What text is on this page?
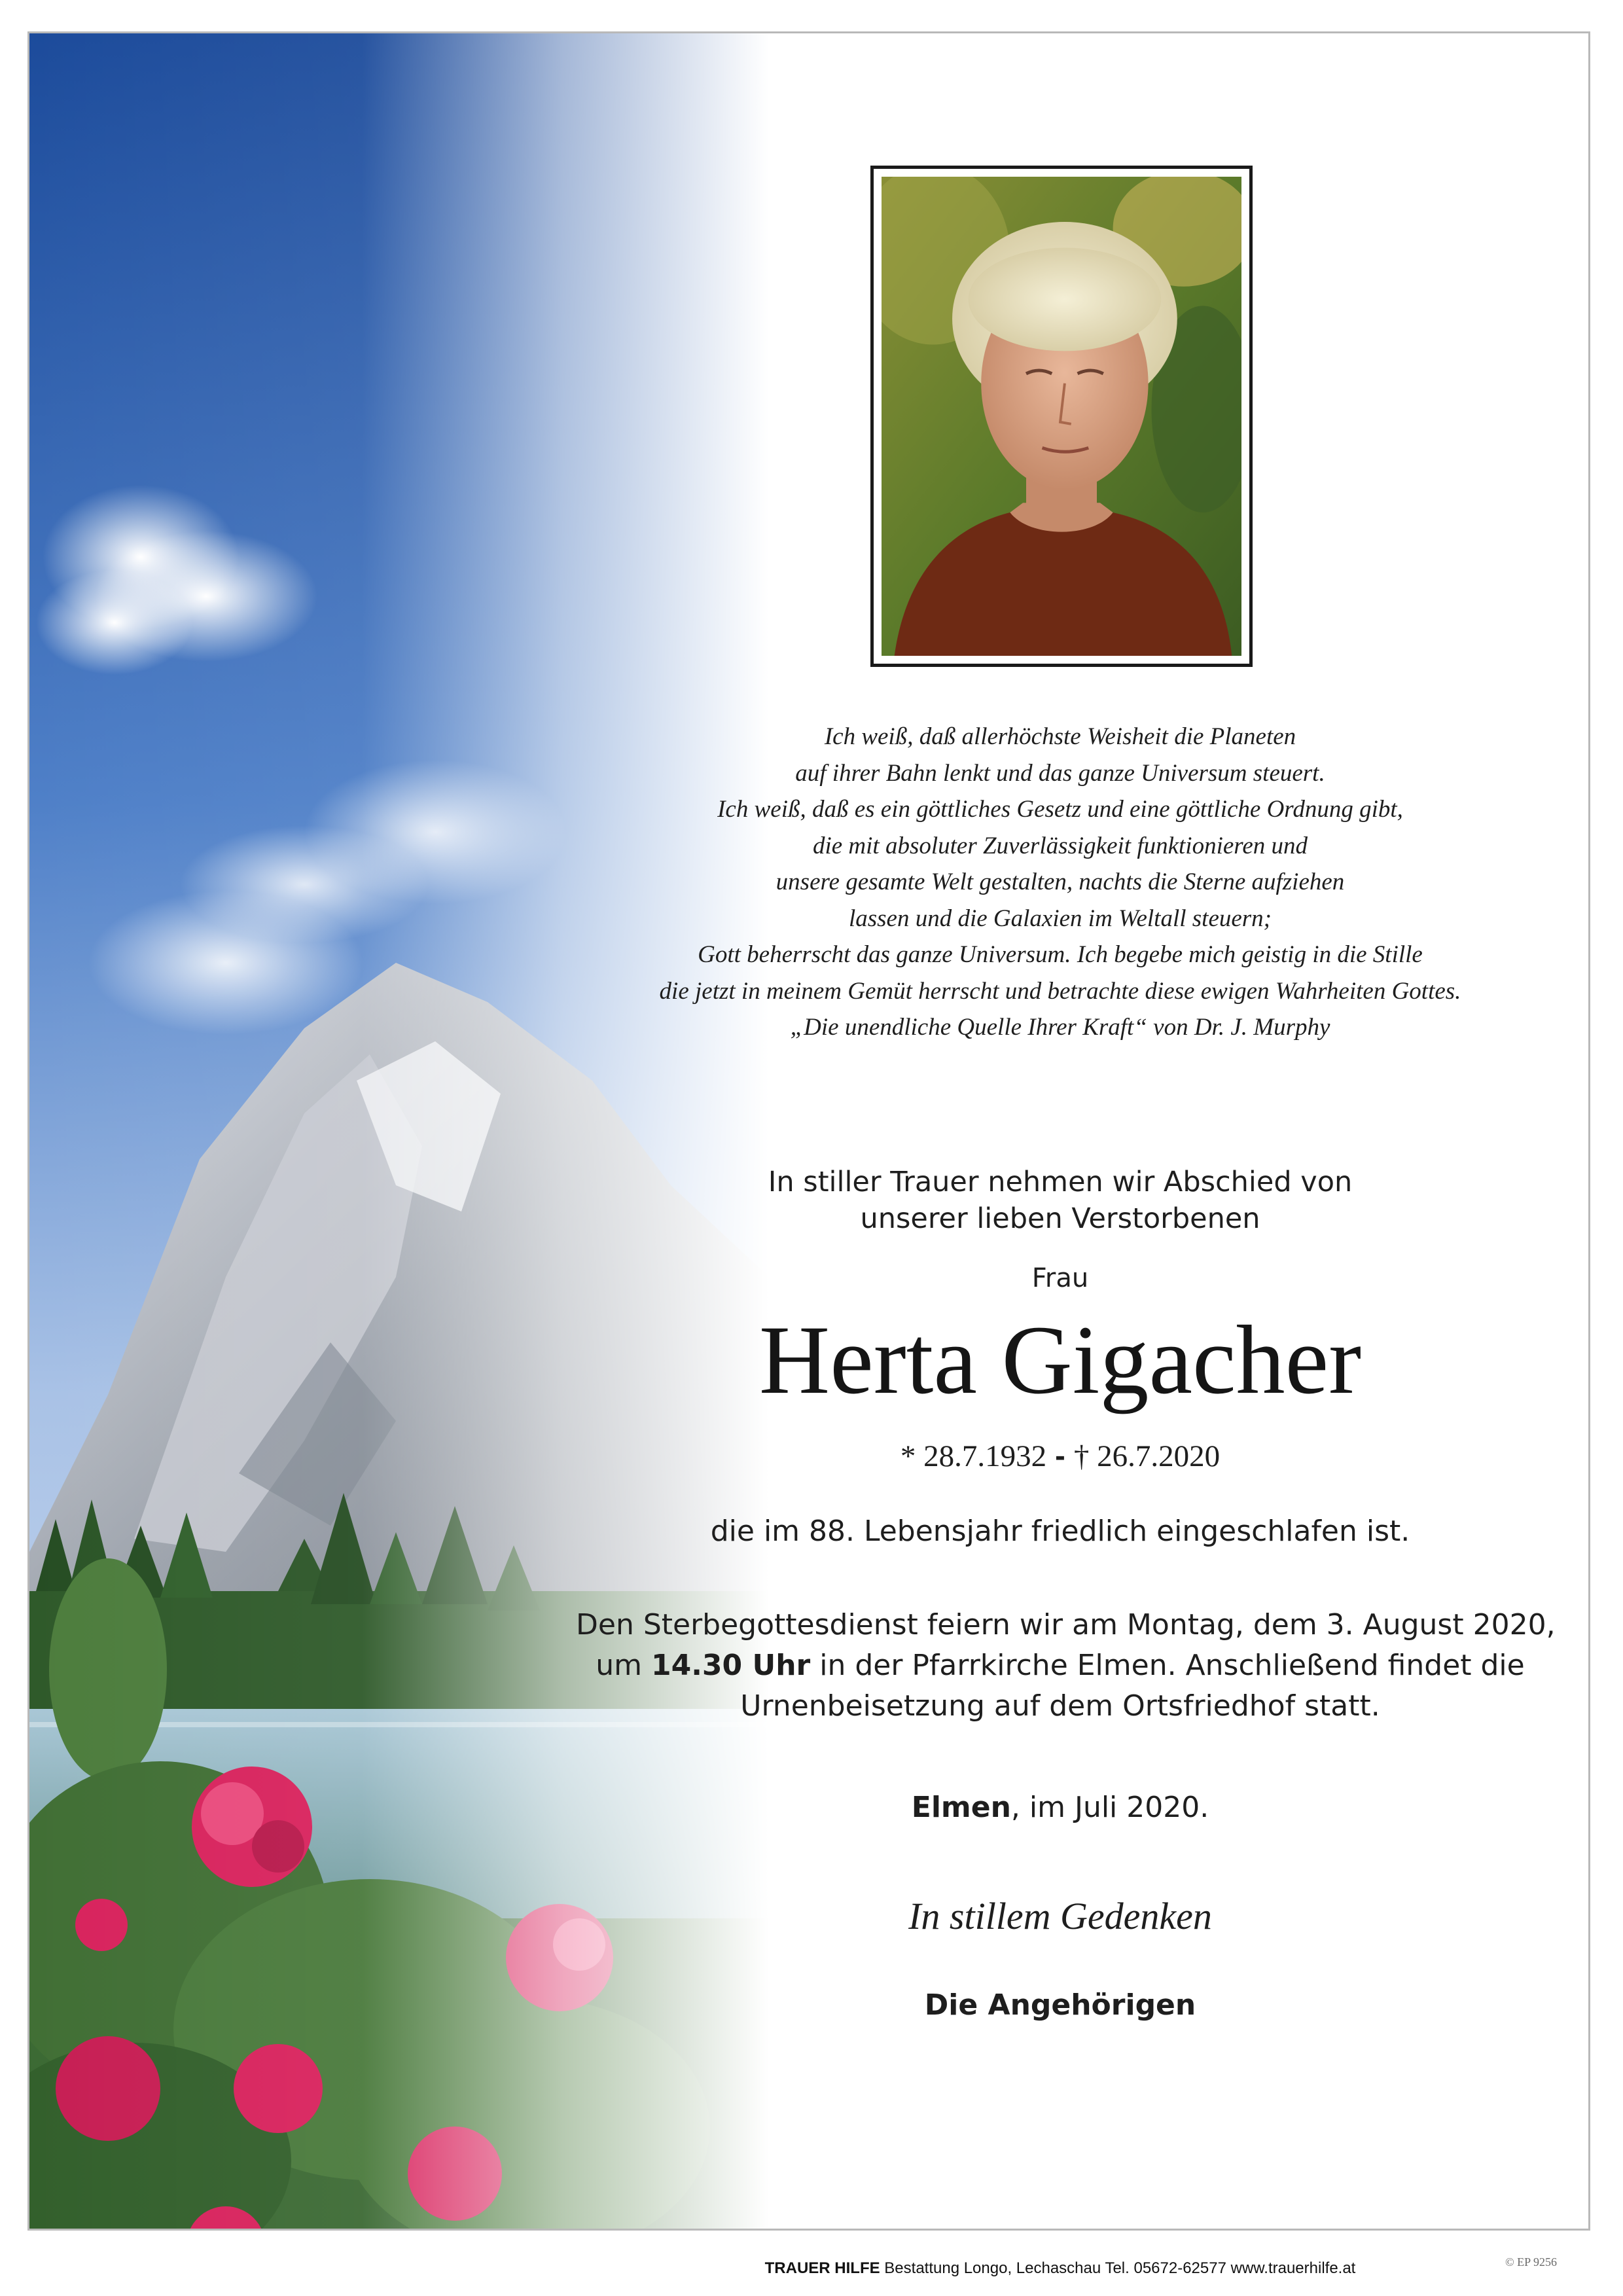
Ich weiß, daß allerhöchste Weisheit die Planeten
auf ihrer Bahn lenkt und das ganze Universum steuert.
Ich weiß, daß es ein göttliches Gesetz und eine göttliche Ordnung gibt,
die mit absoluter Zuverlässigkeit funktionieren und
unsere gesamte Welt gestalten, nachts die Sterne aufziehen
lassen und die Galaxien im Weltall steuern;
Gott beherrscht das ganze Universum. Ich begebe mich geistig in die Stille
die jetzt in meinem Gemüt herrscht und betrachte diese ewigen Wahrheiten Gottes.
„Die unendliche Quelle Ihrer Kraft“ von Dr. J. Murphy
In stiller Trauer nehmen wir Abschied von
unserer lieben Verstorbenen
Frau
Herta Gigacher
* 28.7.1932 - † 26.7.2020
die im 88. Lebensjahr friedlich eingeschlafen ist.
Den Sterbegottesdienst feiern wir am Montag, dem 3. August 2020,
um 14.30 Uhr in der Pfarrkirche Elmen. Anschließend findet die
Urnenbeisetzung auf dem Ortsfriedhof statt.
Elmen, im Juli 2020.
In stillem Gedenken
Die Angehörigen
TRAUER HILFE Bestattung Longo, Lechaschau Tel. 05672-62577 www.trauerhilfe.at	© EP 9256
